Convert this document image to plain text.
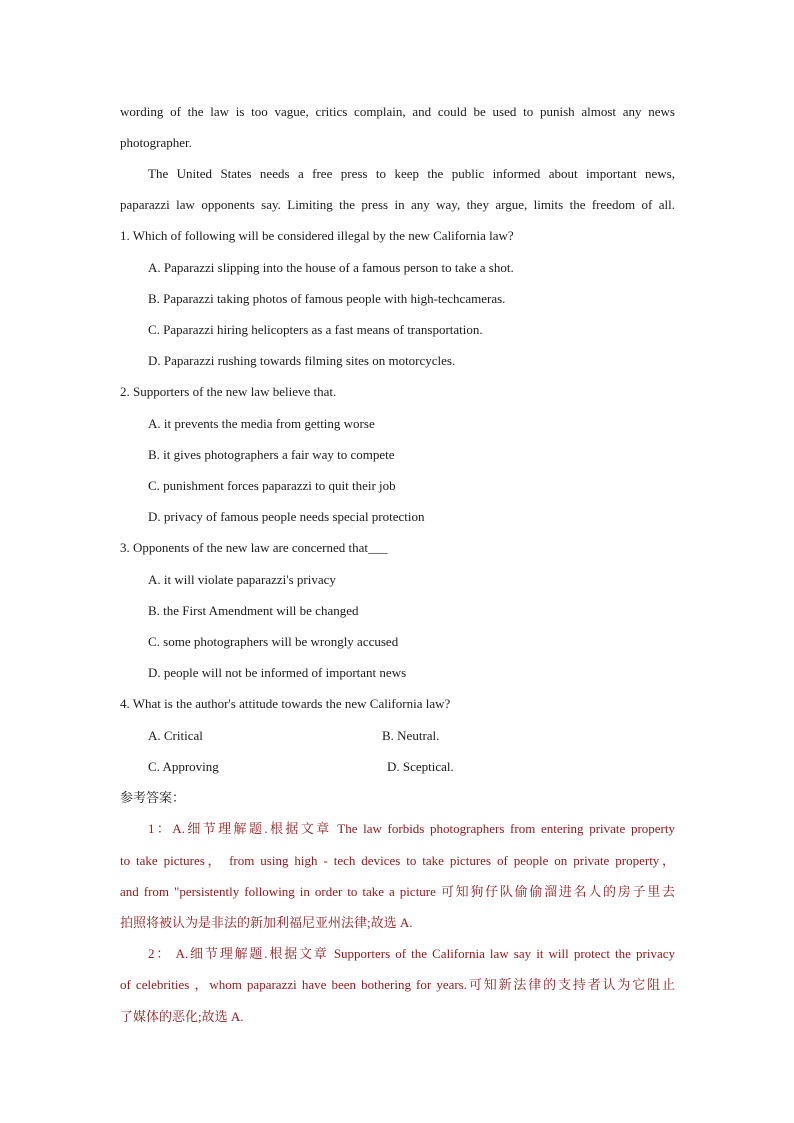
wording of the law is too vague, critics complain, and could be used to punish almost any news
photographer.
The United States needs a free press to keep the public informed about important news,
paparazzi law opponents say. Limiting the press in any way, they argue, limits the freedom of all.
1. Which of following will be considered illegal by the new California law?
A. Paparazzi slipping into the house of a famous person to take a shot.
B. Paparazzi taking photos of famous people with high-techcameras.
C. Paparazzi hiring helicopters as a fast means of transportation.
D. Paparazzi rushing towards filming sites on motorcycles.
2. Supporters of the new law believe that.
A. it prevents the media from getting worse
B. it gives photographers a fair way to compete
C. punishment forces paparazzi to quit their job
D. privacy of famous people needs special protection
3. Opponents of the new law are concerned that___
A. it will violate paparazzi's privacy
B. the First Amendment will be changed
C. some photographers will be wrongly accused
D. people will not be informed of important news
4. What is the author's attitude towards the new California law?
A. Critical	B. Neutral.
C. Approving	D. Sceptical.
参考答案：
1：A.细节理解题.根据文章 The law forbids photographers from entering private property
to take pictures， from using high - tech devices to take pictures of people on private property，
and from "persistently following in order to take a picture 可知狗仔队偷偷溜进名人的房子里去
拍照将被认为是非法的新加利福尼亚州法律;故选 A.
2： A.细节理解题.根据文章 Supporters of the California law say it will protect the privacy
of celebrities ，whom paparazzi have been bothering for years.可知新法律的支持者认为它阻止
了媒体的恶化;故选 A.
